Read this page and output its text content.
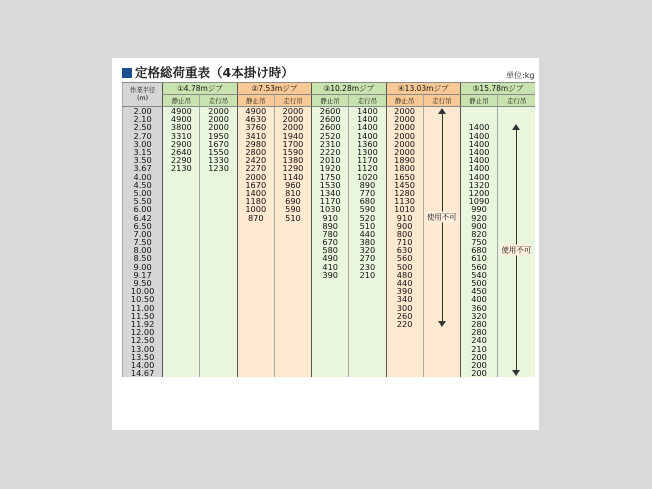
定格総荷重表（4本掛け時）	単位:kg
作業半径
(m)	①4.78mジブ		②7.53mジブ		③10.28mジブ		④13.03mジブ		⑤15.78mジブ	
	静止吊	走行吊	静止吊	走行吊	静止吊	走行吊	静止吊	走行吊	静止吊	走行吊
2.00	4900	2000	4900	2000	2600	1400	2000			
2.10	4900	2000	4630	2000	2600	1400	2000			
2.50	3800	2000	3760	2000	2600	1400	2000		1400	
2.70	3310	1950	3410	1940	2520	1400	2000		1400	
3.00	2900	1670	2980	1700	2310	1360	2000		1400	
3.15	2640	1550	2800	1590	2220	1300	2000		1400	
3.50	2290	1330	2420	1380	2010	1170	1890		1400	
3.67	2130	1230	2270	1290	1920	1120	1800		1400	
4.00			2000	1140	1750	1020	1650		1400	
4.50			1670	960	1530	890	1450		1320	
5.00			1400	810	1340	770	1280		1200	
5.50			1180	690	1170	680	1130		1090	
6.00			1000	590	1030	590	1010		990	
6.42			870	510	910	520	910		920	
6.50					890	510	900		900	
7.00					780	440	800		820	
7.50					670	380	710		750	
8.00					580	320	630		680	
8.50					490	270	560		610	
9.00					410	230	500		560	
9.17					390	210	480		540	
9.50							440		500	
10.00							390		450	
10.50							340		400	
11.00							300		360	
11.50							260		320	
11.92							220		280	
12.00									280	
12.50									240	
13.00									210	
13.50									200	
14.00									200	
14.67									200	
使用不可
使用不可
